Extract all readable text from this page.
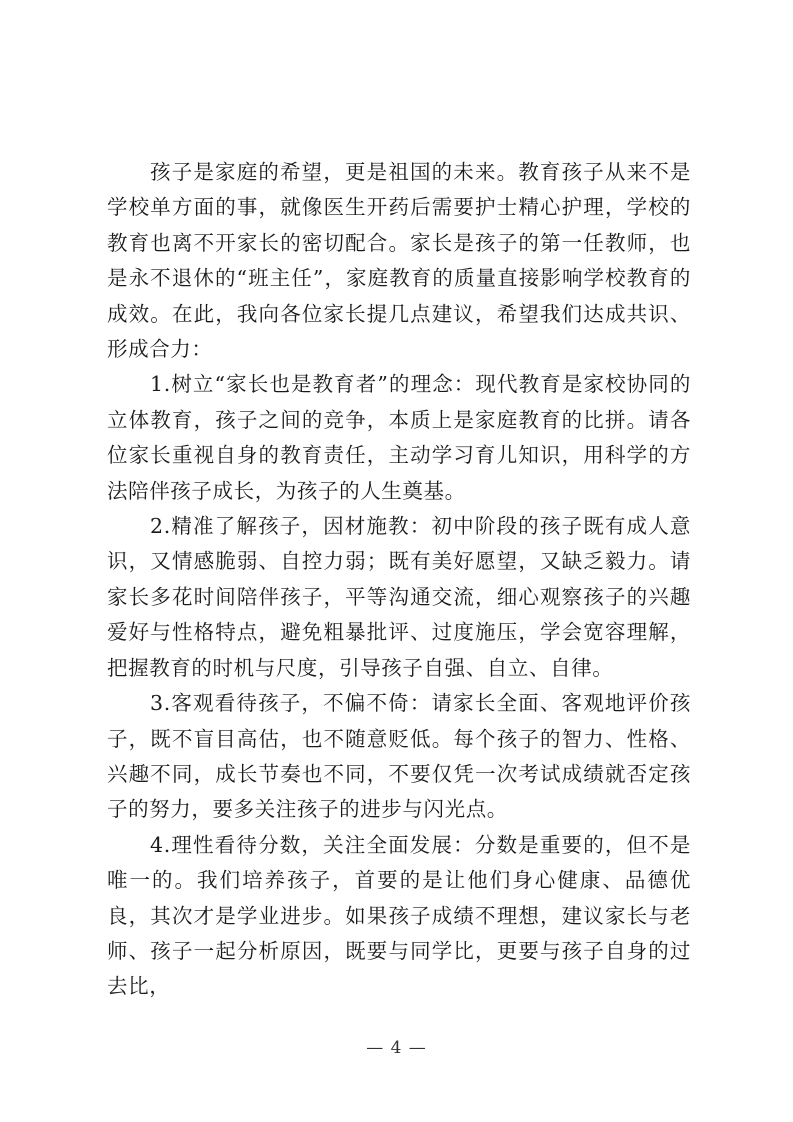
孩子是家庭的希望，更是祖国的未来。教育孩子从来不是学校单方面的事，就像医生开药后需要护士精心护理，学校的教育也离不开家长的密切配合。家长是孩子的第一任教师，也是永不退休的“班主任”，家庭教育的质量直接影响学校教育的成效。在此，我向各位家长提几点建议，希望我们达成共识、形成合力：

1.树立“家长也是教育者”的理念：现代教育是家校协同的立体教育，孩子之间的竞争，本质上是家庭教育的比拼。请各位家长重视自身的教育责任，主动学习育儿知识，用科学的方法陪伴孩子成长，为孩子的人生奠基。

2.精准了解孩子，因材施教：初中阶段的孩子既有成人意识，又情感脆弱、自控力弱；既有美好愿望，又缺乏毅力。请家长多花时间陪伴孩子，平等沟通交流，细心观察孩子的兴趣爱好与性格特点，避免粗暴批评、过度施压，学会宽容理解，把握教育的时机与尺度，引导孩子自强、自立、自律。

3.客观看待孩子，不偏不倚：请家长全面、客观地评价孩子，既不盲目高估，也不随意贬低。每个孩子的智力、性格、兴趣不同，成长节奏也不同，不要仅凭一次考试成绩就否定孩子的努力，要多关注孩子的进步与闪光点。

4.理性看待分数，关注全面发展：分数是重要的，但不是唯一的。我们培养孩子，首要的是让他们身心健康、品德优良，其次才是学业进步。如果孩子成绩不理想，建议家长与老师、孩子一起分析原因，既要与同学比，更要与孩子自身的过去比，

— 4 —
